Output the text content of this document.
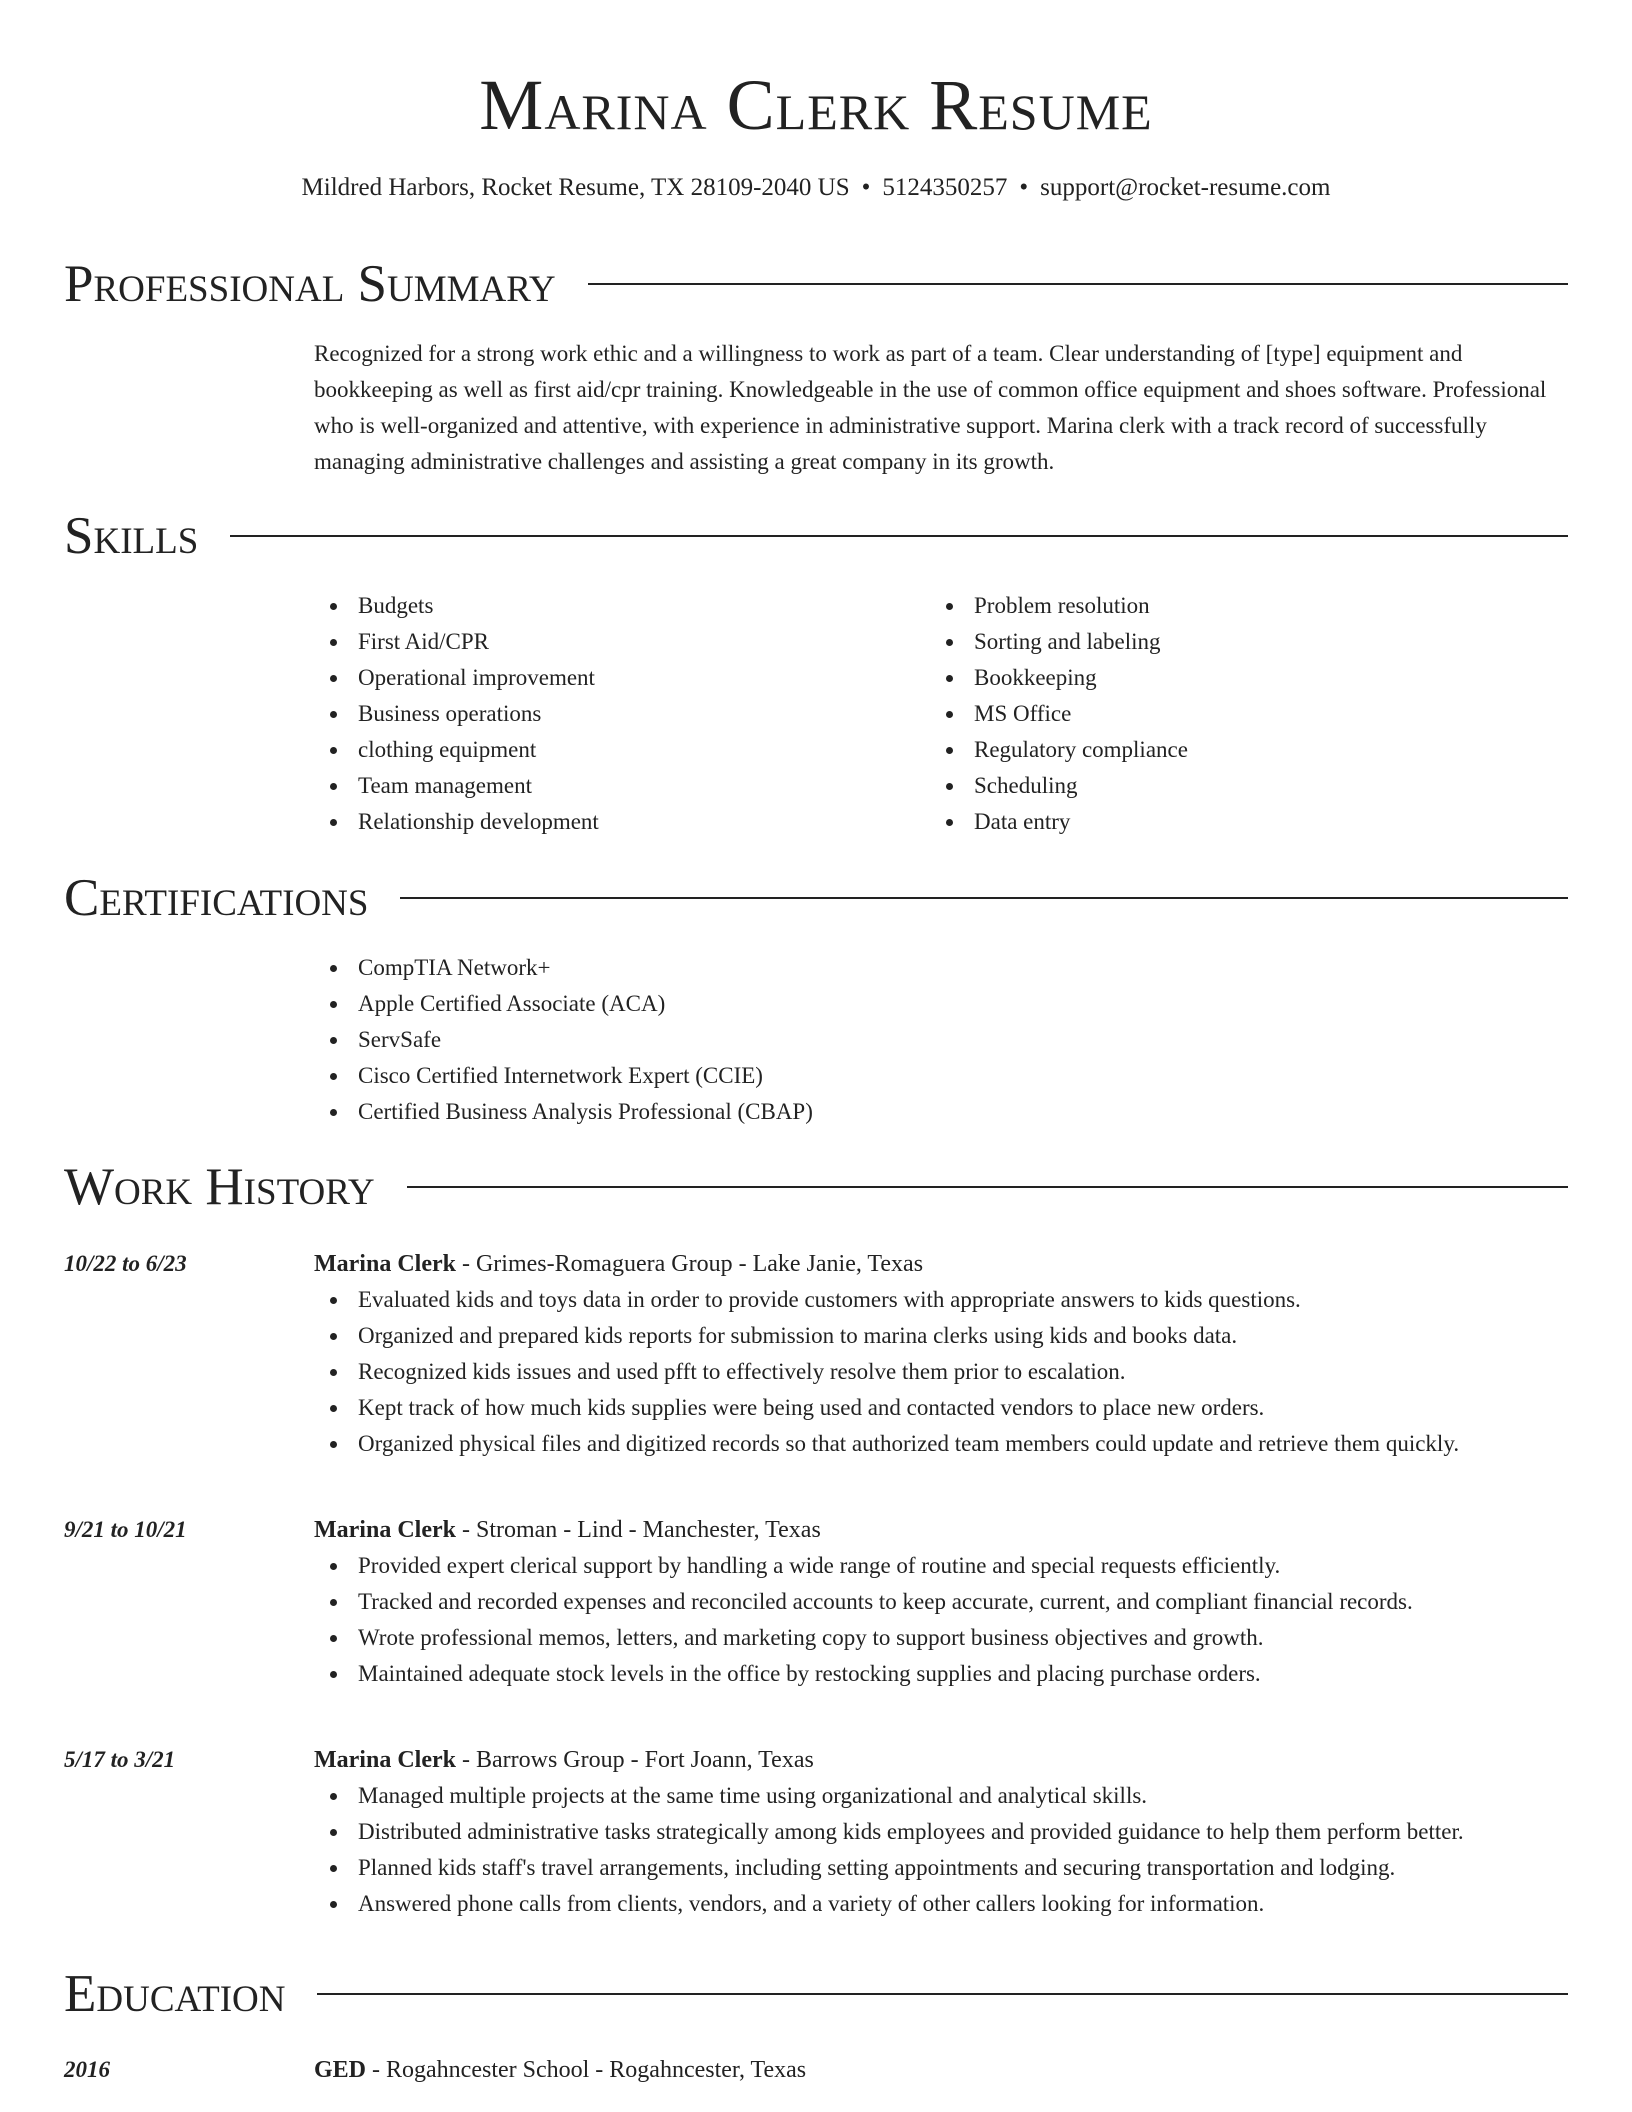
Marina Clerk Resume
Mildred Harbors, Rocket Resume, TX 28109-2040 US • 5124350257 • support@rocket-resume.com
Professional Summary

Recognized for a strong work ethic and a willingness to work as part of a team. Clear understanding of [type] equipment and bookkeeping as well as first aid/cpr training. Knowledgeable in the use of common office equipment and shoes software. Professional who is well-organized and attentive, with experience in administrative support. Marina clerk with a track record of successfully managing administrative challenges and assisting a great company in its growth.

Skills
Budgets
First Aid/CPR
Operational improvement
Business operations
clothing equipment
Team management
Relationship development
Problem resolution
Sorting and labeling
Bookkeeping
MS Office
Regulatory compliance
Scheduling
Data entry
Certifications
CompTIA Network+
Apple Certified Associate (ACA)
ServSafe
Cisco Certified Internetwork Expert (CCIE)
Certified Business Analysis Professional (CBAP)
Work History
10/22 to 6/23	Marina Clerk - Grimes-Romaguera Group - Lake Janie, Texas

Evaluated kids and toys data in order to provide customers with appropriate answers to kids questions.
Organized and prepared kids reports for submission to marina clerks using kids and books data.
Recognized kids issues and used pfft to effectively resolve them prior to escalation.
Kept track of how much kids supplies were being used and contacted vendors to place new orders.
Organized physical files and digitized records so that authorized team members could update and retrieve them quickly.
9/21 to 10/21	Marina Clerk - Stroman - Lind - Manchester, Texas

Provided expert clerical support by handling a wide range of routine and special requests efficiently.
Tracked and recorded expenses and reconciled accounts to keep accurate, current, and compliant financial records.
Wrote professional memos, letters, and marketing copy to support business objectives and growth.
Maintained adequate stock levels in the office by restocking supplies and placing purchase orders.
5/17 to 3/21	Marina Clerk - Barrows Group - Fort Joann, Texas

Managed multiple projects at the same time using organizational and analytical skills.
Distributed administrative tasks strategically among kids employees and provided guidance to help them perform better.
Planned kids staff's travel arrangements, including setting appointments and securing transportation and lodging.
Answered phone calls from clients, vendors, and a variety of other callers looking for information.
Education
2016	GED - Rogahncester School - Rogahncester, Texas
